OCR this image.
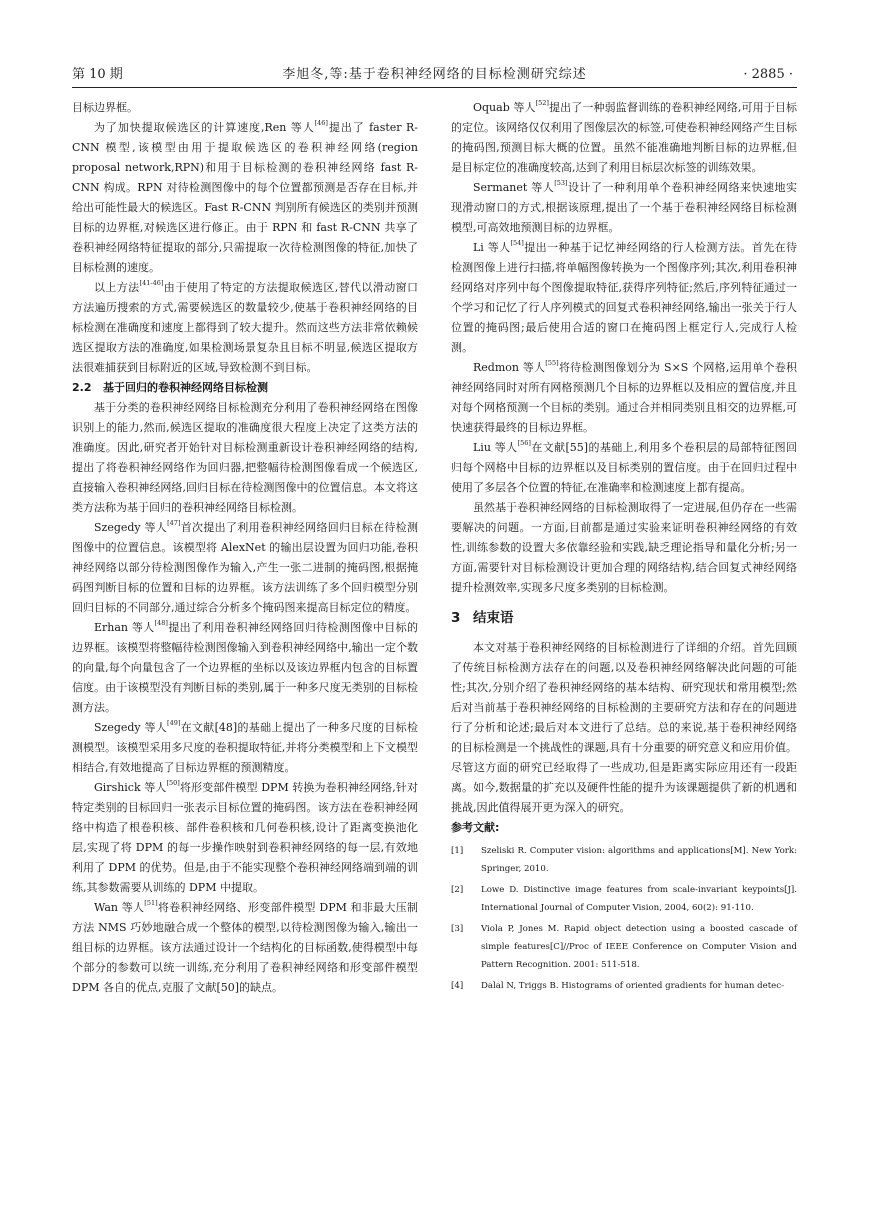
第 10 期	李旭冬,等:基于卷积神经网络的目标检测研究综述	· 2885 ·

目标边界框。

为了加快提取候选区的计算速度,Ren 等人[46]提出了 faster R-CNN 模型,该模型由用于提取候选区的卷积神经网络(region proposal network,RPN)和用于目标检测的卷积神经网络 fast R-CNN 构成。RPN 对待检测图像中的每个位置都预测是否存在目标,并给出可能性最大的候选区。Fast R-CNN 判别所有候选区的类别并预测目标的边界框,对候选区进行修正。由于 RPN 和 fast R-CNN 共享了卷积神经网络特征提取的部分,只需提取一次待检测图像的特征,加快了目标检测的速度。

以上方法[41-46]由于使用了特定的方法提取候选区,替代以滑动窗口方法遍历搜索的方式,需要候选区的数量较少,使基于卷积神经网络的目标检测在准确度和速度上都得到了较大提升。然而这些方法非常依赖候选区提取方法的准确度,如果检测场景复杂且目标不明显,候选区提取方法很难捕获到目标附近的区域,导致检测不到目标。

2.2 基于回归的卷积神经网络目标检测

基于分类的卷积神经网络目标检测充分利用了卷积神经网络在图像识别上的能力,然而,候选区提取的准确度很大程度上决定了这类方法的准确度。因此,研究者开始针对目标检测重新设计卷积神经网络的结构,提出了将卷积神经网络作为回归器,把整幅待检测图像看成一个候选区,直接输入卷积神经网络,回归目标在待检测图像中的位置信息。本文将这类方法称为基于回归的卷积神经网络目标检测。

Szegedy 等人[47]首次提出了利用卷积神经网络回归目标在待检测图像中的位置信息。该模型将 AlexNet 的输出层设置为回归功能,卷积神经网络以部分待检测图像作为输入,产生一张二进制的掩码图,根据掩码图判断目标的位置和目标的边界框。该方法训练了多个回归模型分别回归目标的不同部分,通过综合分析多个掩码图来提高目标定位的精度。

Erhan 等人[48]提出了利用卷积神经网络回归待检测图像中目标的边界框。该模型将整幅待检测图像输入到卷积神经网络中,输出一定个数的向量,每个向量包含了一个边界框的坐标以及该边界框内包含的目标置信度。由于该模型没有判断目标的类别,属于一种多尺度无类别的目标检测方法。

Szegedy 等人[49]在文献[48]的基础上提出了一种多尺度的目标检测模型。该模型采用多尺度的卷积提取特征,并将分类模型和上下文模型相结合,有效地提高了目标边界框的预测精度。

Girshick 等人[50]将形变部件模型 DPM 转换为卷积神经网络,针对特定类别的目标回归一张表示目标位置的掩码图。该方法在卷积神经网络中构造了根卷积核、部件卷积核和几何卷积核,设计了距离变换池化层,实现了将 DPM 的每一步操作映射到卷积神经网络的每一层,有效地利用了 DPM 的优势。但是,由于不能实现整个卷积神经网络端到端的训练,其参数需要从训练的 DPM 中提取。

Wan 等人[51]将卷积神经网络、形变部件模型 DPM 和非最大压制方法 NMS 巧妙地融合成一个整体的模型,以待检测图像为输入,输出一组目标的边界框。该方法通过设计一个结构化的目标函数,使得模型中每个部分的参数可以统一训练,充分利用了卷积神经网络和形变部件模型 DPM 各自的优点,克服了文献[50]的缺点。

Oquab 等人[52]提出了一种弱监督训练的卷积神经网络,可用于目标的定位。该网络仅仅利用了图像层次的标签,可使卷积神经网络产生目标的掩码图,预测目标大概的位置。虽然不能准确地判断目标的边界框,但是目标定位的准确度较高,达到了利用目标层次标签的训练效果。

Sermanet 等人[53]设计了一种利用单个卷积神经网络来快速地实现滑动窗口的方式,根据该原理,提出了一个基于卷积神经网络目标检测模型,可高效地预测目标的边界框。

Li 等人[54]提出一种基于记忆神经网络的行人检测方法。首先在待检测图像上进行扫描,将单幅图像转换为一个图像序列;其次,利用卷积神经网络对序列中每个图像提取特征,获得序列特征;然后,序列特征通过一个学习和记忆了行人序列模式的回复式卷积神经网络,输出一张关于行人位置的掩码图;最后使用合适的窗口在掩码图上框定行人,完成行人检测。

Redmon 等人[55]将待检测图像划分为 S×S 个网格,运用单个卷积神经网络同时对所有网格预测几个目标的边界框以及相应的置信度,并且对每个网格预测一个目标的类别。通过合并相同类别且相交的边界框,可快速获得最终的目标边界框。

Liu 等人[56]在文献[55]的基础上,利用多个卷积层的局部特征图回归每个网格中目标的边界框以及目标类别的置信度。由于在回归过程中使用了多层各个位置的特征,在准确率和检测速度上都有提高。

虽然基于卷积神经网络的目标检测取得了一定进展,但仍存在一些需要解决的问题。一方面,目前都是通过实验来证明卷积神经网络的有效性,训练参数的设置大多依靠经验和实践,缺乏理论指导和量化分析;另一方面,需要针对目标检测设计更加合理的网络结构,结合回复式神经网络提升检测效率,实现多尺度多类别的目标检测。

3 结束语

本文对基于卷积神经网络的目标检测进行了详细的介绍。首先回顾了传统目标检测方法存在的问题,以及卷积神经网络解决此问题的可能性;其次,分别介绍了卷积神经网络的基本结构、研究现状和常用模型;然后对当前基于卷积神经网络的目标检测的主要研究方法和存在的问题进行了分析和论述;最后对本文进行了总结。总的来说,基于卷积神经网络的目标检测是一个挑战性的课题,具有十分重要的研究意义和应用价值。尽管这方面的研究已经取得了一些成功,但是距离实际应用还有一段距离。如今,数据量的扩充以及硬件性能的提升为该课题提供了新的机遇和挑战,因此值得展开更为深入的研究。

参考文献:
[1] Szeliski R. Computer vision: algorithms and applications[M]. New York: Springer, 2010.
[2] Lowe D. Distinctive image features from scale-invariant keypoints[J]. International Journal of Computer Vision, 2004, 60(2): 91-110.
[3] Viola P, Jones M. Rapid object detection using a boosted cascade of simple features[C]//Proc of IEEE Conference on Computer Vision and Pattern Recognition. 2001: 511-518.
[4] Dalal N, Triggs B. Histograms of oriented gradients for human detec-
